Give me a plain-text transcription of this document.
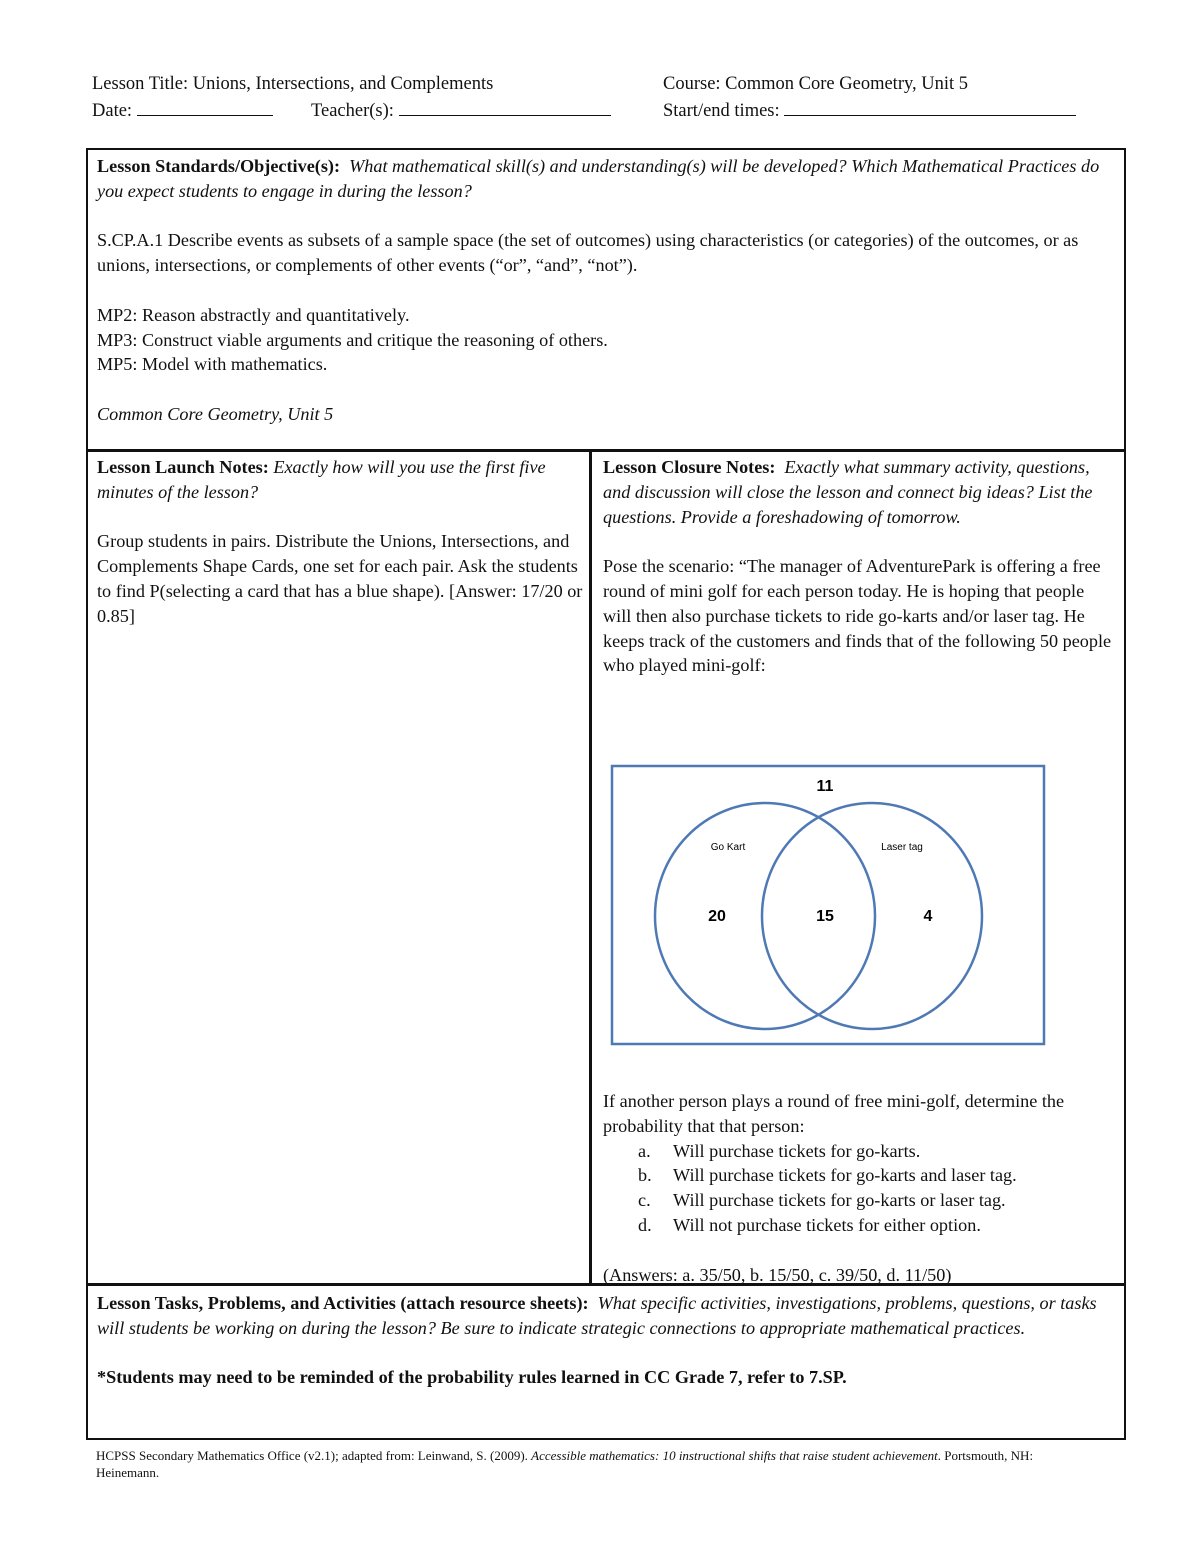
Lesson Title: Unions, Intersections, and Complements	Course: Common Core Geometry, Unit 5
Date:	Teacher(s):	Start/end times:

Lesson Standards/Objective(s): What mathematical skill(s) and understanding(s) will be developed? Which Mathematical Practices do you expect students to engage in during the lesson?

S.CP.A.1 Describe events as subsets of a sample space (the set of outcomes) using characteristics (or categories) of the outcomes, or as unions, intersections, or complements of other events (“or”, “and”, “not”).

MP2: Reason abstractly and quantitatively.

MP3: Construct viable arguments and critique the reasoning of others.

MP5: Model with mathematics.

Common Core Geometry, Unit 5

Lesson Launch Notes: Exactly how will you use the first five minutes of the lesson?

Group students in pairs. Distribute the Unions, Intersections, and Complements Shape Cards, one set for each pair. Ask the students to find P(selecting a card that has a blue shape). [Answer: 17/20 or 0.85]

Lesson Closure Notes: Exactly what summary activity, questions, and discussion will close the lesson and connect big ideas? List the questions. Provide a foreshadowing of tomorrow.

Pose the scenario: “The manager of AdventurePark is offering a free round of mini golf for each person today. He is hoping that people will then also purchase tickets to ride go-karts and/or laser tag. He keeps track of the customers and finds that of the following 50 people who played mini-golf:

11
Go Kart	Laser tag
20	15	4

If another person plays a round of free mini-golf, determine the probability that that person:

a.	Will purchase tickets for go-karts.
b.	Will purchase tickets for go-karts and laser tag.
c.	Will purchase tickets for go-karts or laser tag.
d.	Will not purchase tickets for either option.

(Answers: a. 35/50, b. 15/50, c. 39/50, d. 11/50)

Lesson Tasks, Problems, and Activities (attach resource sheets): What specific activities, investigations, problems, questions, or tasks will students be working on during the lesson? Be sure to indicate strategic connections to appropriate mathematical practices.

*Students may need to be reminded of the probability rules learned in CC Grade 7, refer to 7.SP.

HCPSS Secondary Mathematics Office (v2.1); adapted from: Leinwand, S. (2009). Accessible mathematics: 10 instructional shifts that raise student achievement. Portsmouth, NH: Heinemann.
